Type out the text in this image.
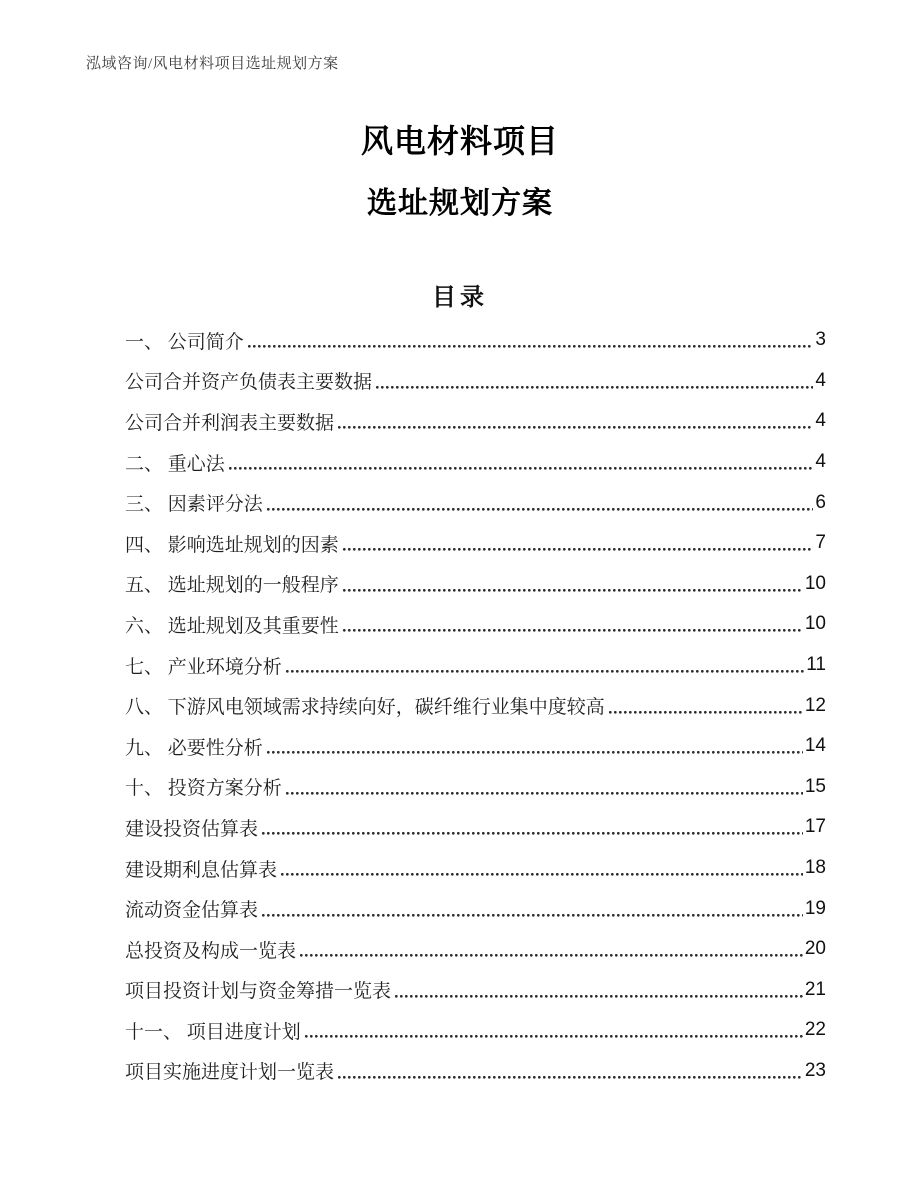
泓域咨询/风电材料项目选址规划方案
风电材料项目
选址规划方案
目录
一、 公司简介	3
公司合并资产负债表主要数据	4
公司合并利润表主要数据	4
二、 重心法	4
三、 因素评分法	6
四、 影响选址规划的因素	7
五、 选址规划的一般程序	10
六、 选址规划及其重要性	10
七、 产业环境分析	11
八、 下游风电领域需求持续向好，碳纤维行业集中度较高	12
九、 必要性分析	14
十、 投资方案分析	15
建设投资估算表	17
建设期利息估算表	18
流动资金估算表	19
总投资及构成一览表	20
项目投资计划与资金筹措一览表	21
十一、 项目进度计划	22
项目实施进度计划一览表	23
